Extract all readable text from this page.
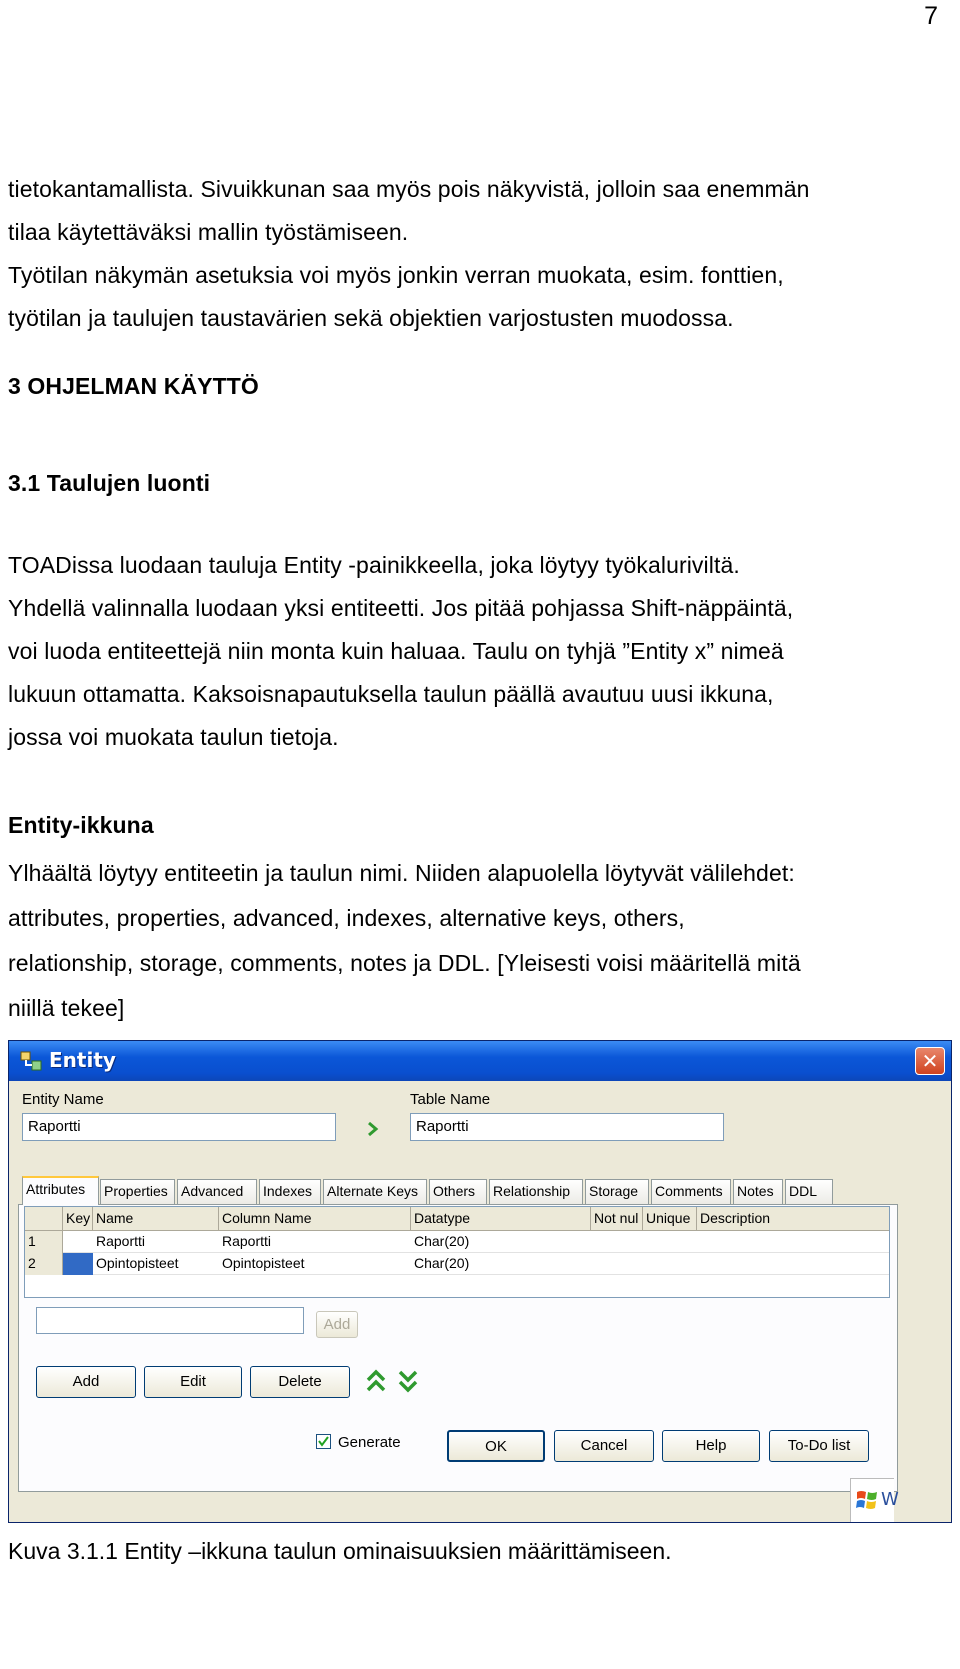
7
tietokantamallista. Sivuikkunan saa myös pois näkyvistä, jolloin saa enemmän
tilaa käytettäväksi mallin työstämiseen.
Työtilan näkymän asetuksia voi myös jonkin verran muokata, esim. fonttien,
työtilan ja taulujen taustavärien sekä objektien varjostusten muodossa.
3 OHJELMAN KÄYTTÖ
3.1 Taulujen luonti
TOADissa luodaan tauluja Entity -painikkeella, joka löytyy työkaluriviltä.
Yhdellä valinnalla luodaan yksi entiteetti. Jos pitää pohjassa Shift-näppäintä,
voi luoda entiteettejä niin monta kuin haluaa. Taulu on tyhjä ”Entity x” nimeä
lukuun ottamatta. Kaksoisnapautuksella taulun päällä avautuu uusi ikkuna,
jossa voi muokata taulun tietoja.
Entity-ikkuna
Ylhäältä löytyy entiteetin ja taulun nimi. Niiden alapuolella löytyvät välilehdet:
attributes, properties, advanced, indexes, alternative keys, others,
relationship, storage, comments, notes ja DDL. [Yleisesti voisi määritellä mitä
niillä tekee]
Entity	✕
Entity Name
Raportti
Table Name
Raportti
Attributes	Properties Advanced	Indexes	Alternate Keys	Others	Relationship	Storage	Comments	Notes	DDL
Key Name	Column Name	Datatype	Not nul Unique Description
1	Raportti	Raportti	Char(20)
2	Opintopisteet	Opintopisteet	Char(20)
Add
Add	Edit	Delete
Generate	OK	Cancel	Help	To-Do list
W
Kuva 3.1.1 Entity –ikkuna taulun ominaisuuksien määrittämiseen.
